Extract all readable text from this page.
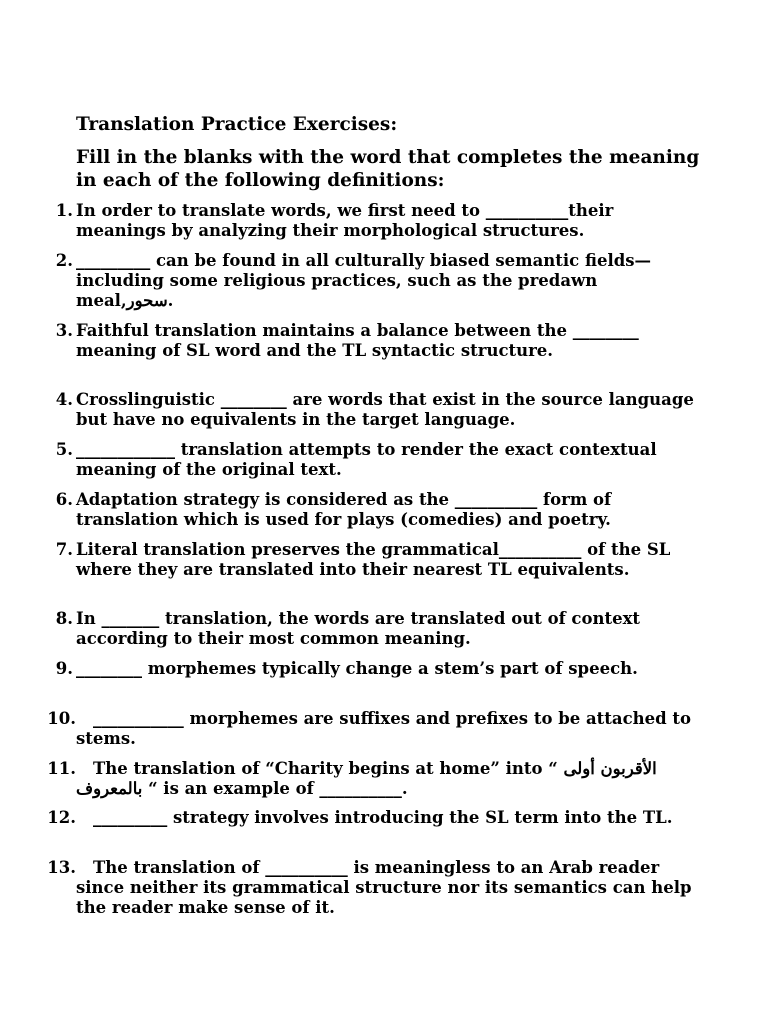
Translation Practice Exercises:

Fill in the blanks with the word that completes the meaning in each of the following definitions:

1. In order to translate words, we first need to __________their meanings by analyzing their morphological structures.
2. _________ can be found in all culturally biased semantic fields—including some religious practices, such as the predawn meal,سحور.
3. Faithful translation maintains a balance between the ________ meaning of SL word and the TL syntactic structure.
4. Crosslinguistic ________ are words that exist in the source language but have no equivalents in the target language.
5. ____________ translation attempts to render the exact contextual meaning of the original text.
6. Adaptation strategy is considered as the __________ form of translation which is used for plays (comedies) and poetry.
7. Literal translation preserves the grammatical__________ of the SL where they are translated into their nearest TL equivalents.
8. In _______ translation, the words are translated out of context according to their most common meaning.
9. ________ morphemes typically change a stem’s part of speech.
10.	___________ morphemes are suffixes and prefixes to be attached to stems.
11.	The translation of “Charity begins at home” into “ الأقربون أولى بالمعروف “ is an example of __________.
12.	_________ strategy involves introducing the SL term into the TL.
13.	The translation of __________ is meaningless to an Arab reader since neither its grammatical structure nor its semantics can help the reader make sense of it.
